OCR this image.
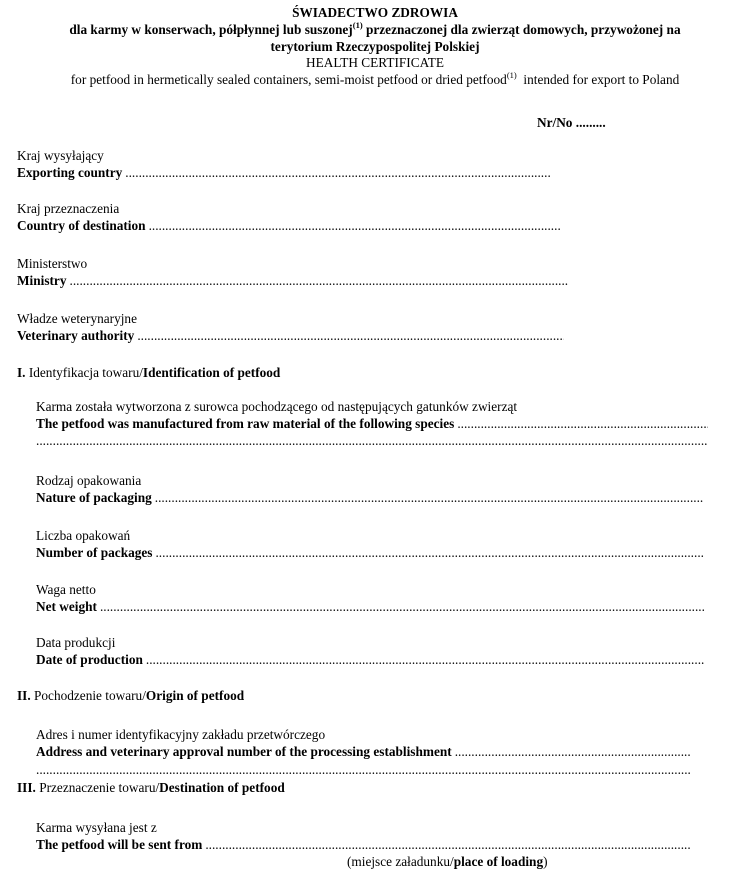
ŚWIADECTWO ZDROWIA
dla karmy w konserwach, półpłynnej lub suszonej$^{(1)}$ przeznaczonej dla zwierząt domowych, przywożonej na
terytorium Rzeczypospolitej Polskiej
HEALTH CERTIFICATE
for petfood in hermetically sealed containers, semi-moist petfood or dried petfood$^{(1)}$ intended for export to Poland
Nr/No .........
Kraj wysyłający
Exporting country
.....
Kraj przeznaczenia
Country of destination
.....
Ministerstwo
Ministry
.....
Władze weterynaryjne
Veterinary authority
.....
I. Identyfikacja towaru/Identification of petfood
Karma została wytworzona z surowca pochodzącego od następujących gatunków zwierząt
The petfood was manufactured from raw material of the following species
.....
.....
Rodzaj opakowania
Nature of packaging
.....
Liczba opakowań
Number of packages
.....
Waga netto
Net weight
.....
Data produkcji
Date of production
.....
II. Pochodzenie towaru/Origin of petfood
Adres i numer identyfikacyjny zakładu przetwórczego
Address and veterinary approval number of the processing establishment
.....
.....
III. Przeznaczenie towaru/Destination of petfood
Karma wysyłana jest z
The petfood will be sent from
.....
(miejsce załadunku/place of loading)
